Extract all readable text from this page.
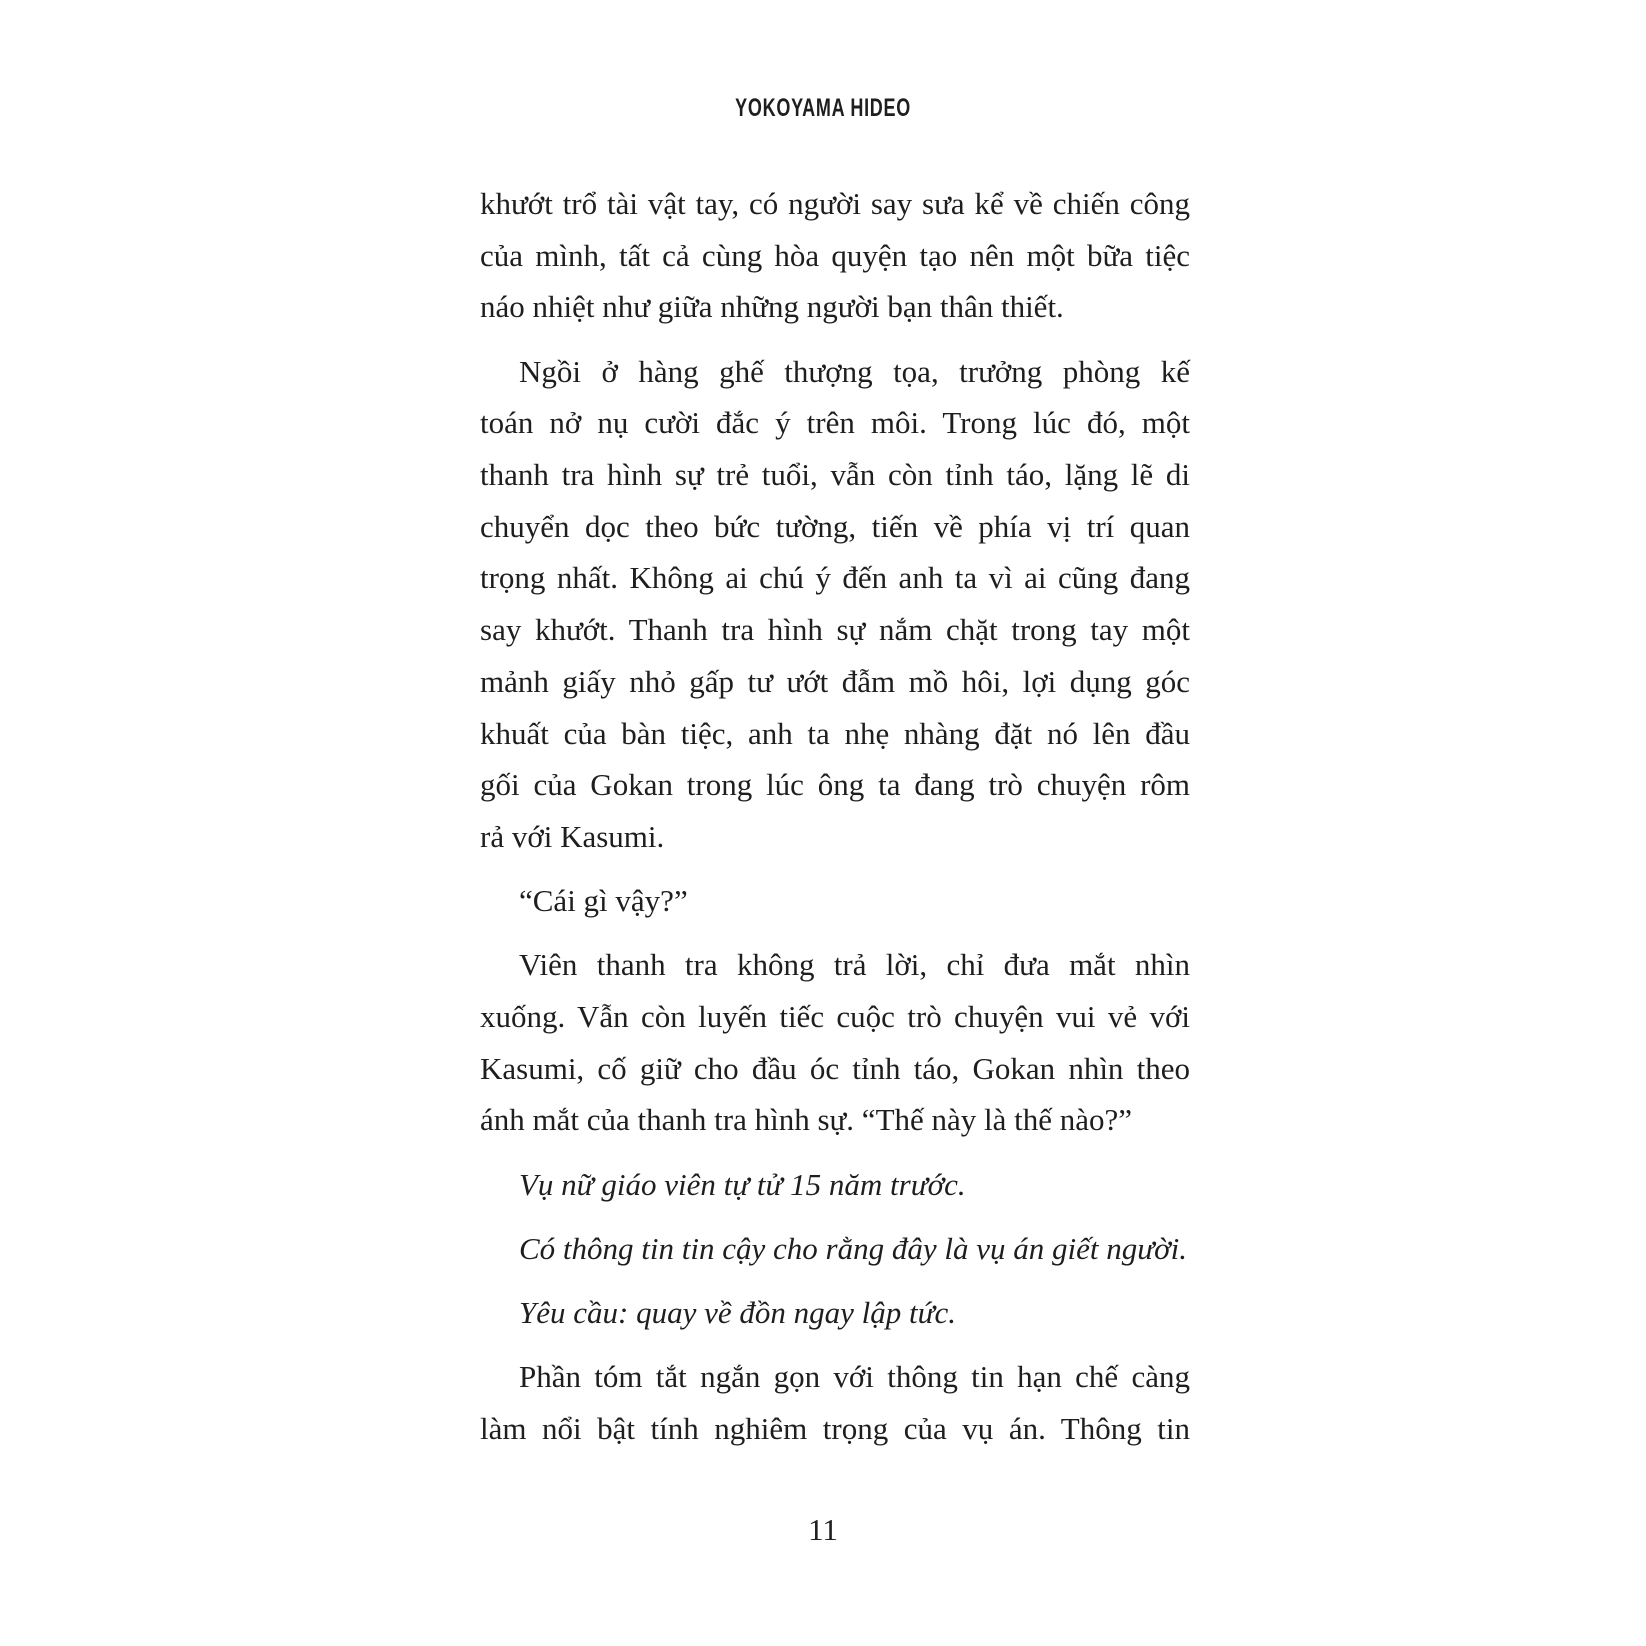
YOKOYAMA HIDEO
khướt trổ tài vật tay, có người say sưa kể về chiến công
của mình, tất cả cùng hòa quyện tạo nên một bữa tiệc
náo nhiệt như giữa những người bạn thân thiết.
Ngồi ở hàng ghế thượng tọa, trưởng phòng kế
toán nở nụ cười đắc ý trên môi. Trong lúc đó, một
thanh tra hình sự trẻ tuổi, vẫn còn tỉnh táo, lặng lẽ di
chuyển dọc theo bức tường, tiến về phía vị trí quan
trọng nhất. Không ai chú ý đến anh ta vì ai cũng đang
say khướt. Thanh tra hình sự nắm chặt trong tay một
mảnh giấy nhỏ gấp tư ướt đẫm mồ hôi, lợi dụng góc
khuất của bàn tiệc, anh ta nhẹ nhàng đặt nó lên đầu
gối của Gokan trong lúc ông ta đang trò chuyện rôm
rả với Kasumi.
“Cái gì vậy?”
Viên thanh tra không trả lời, chỉ đưa mắt nhìn
xuống. Vẫn còn luyến tiếc cuộc trò chuyện vui vẻ với
Kasumi, cố giữ cho đầu óc tỉnh táo, Gokan nhìn theo
ánh mắt của thanh tra hình sự. “Thế này là thế nào?”
Vụ nữ giáo viên tự tử 15 năm trước.
Có thông tin tin cậy cho rằng đây là vụ án giết người.
Yêu cầu: quay về đồn ngay lập tức.
Phần tóm tắt ngắn gọn với thông tin hạn chế càng
làm nổi bật tính nghiêm trọng của vụ án. Thông tin
11
